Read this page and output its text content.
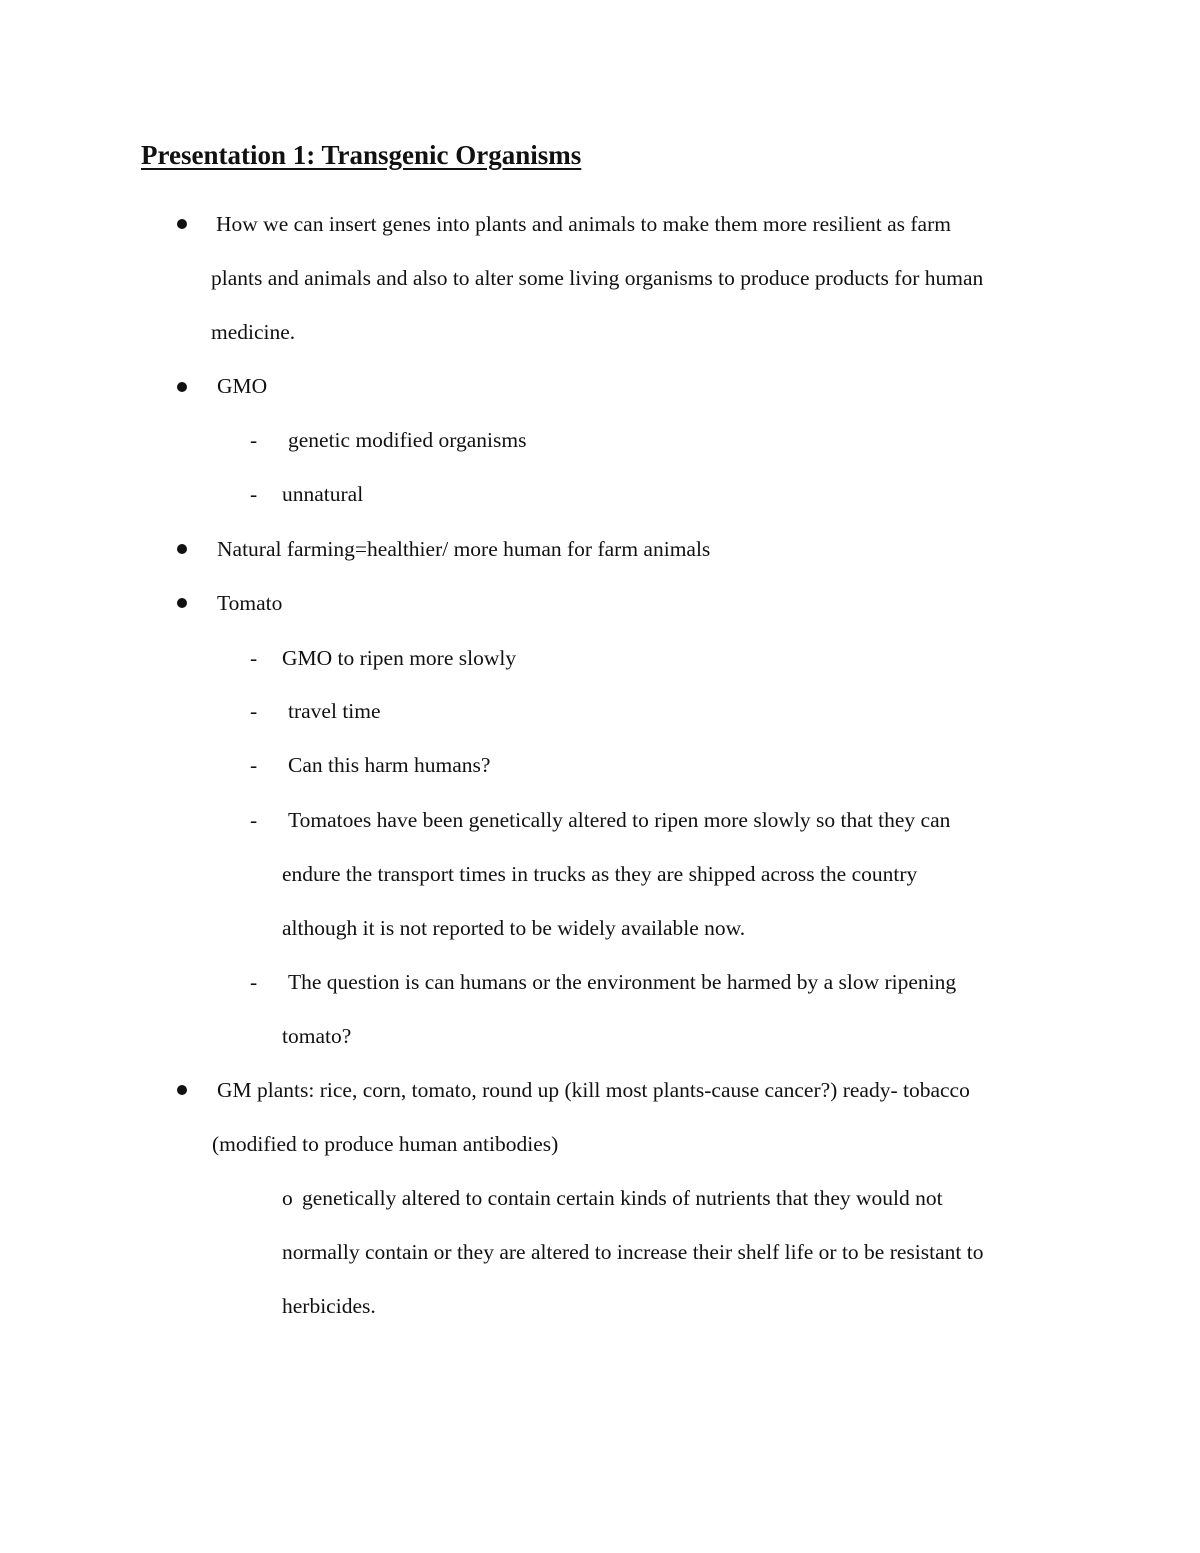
Presentation 1: Transgenic Organisms
How we can insert genes into plants and animals to make them more resilient as farm
plants and animals and also to alter some living organisms to produce products for human
medicine.
GMO
- genetic modified organisms
- unnatural
Natural farming=healthier/ more human for farm animals
Tomato
- GMO to ripen more slowly
- travel time
- Can this harm humans?
- Tomatoes have been genetically altered to ripen more slowly so that they can
endure the transport times in trucks as they are shipped across the country
although it is not reported to be widely available now.
- The question is can humans or the environment be harmed by a slow ripening
tomato?
GM plants: rice, corn, tomato, round up (kill most plants-cause cancer?) ready- tobacco
(modified to produce human antibodies)
o genetically altered to contain certain kinds of nutrients that they would not
normally contain or they are altered to increase their shelf life or to be resistant to
herbicides.
